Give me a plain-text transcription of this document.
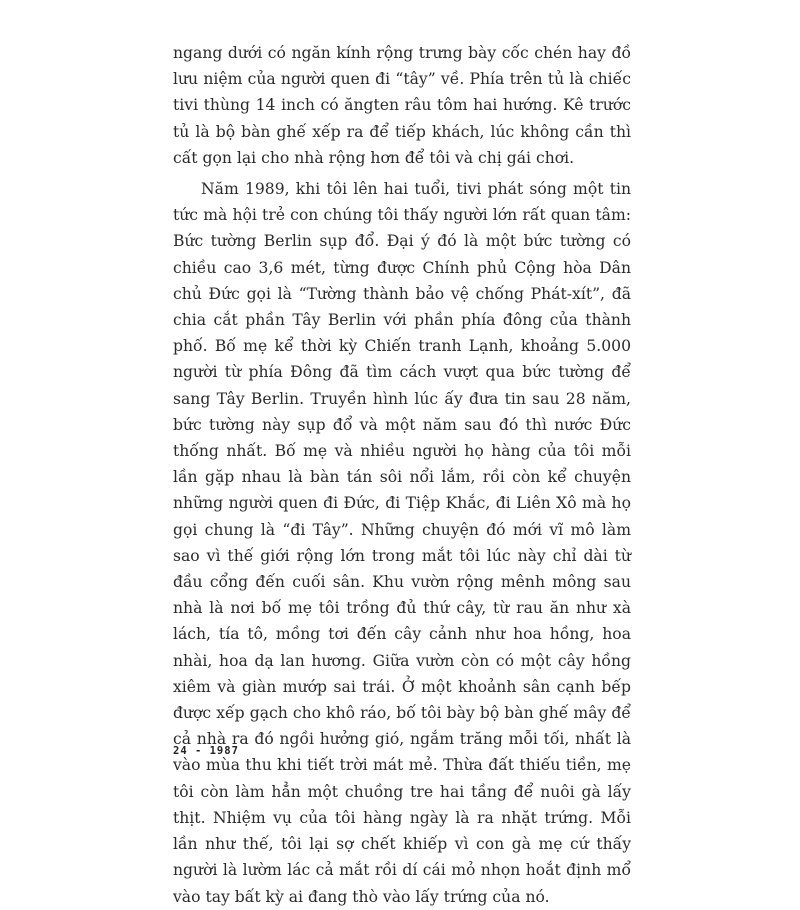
ngang dưới có ngăn kính rộng trưng bày cốc chén hay đồ lưu niệm của người quen đi “tây” về. Phía trên tủ là chiếc tivi thùng 14 inch có ăngten râu tôm hai hướng. Kê trước tủ là bộ bàn ghế xếp ra để tiếp khách, lúc không cần thì cất gọn lại cho nhà rộng hơn để tôi và chị gái chơi.

Năm 1989, khi tôi lên hai tuổi, tivi phát sóng một tin tức mà hội trẻ con chúng tôi thấy người lớn rất quan tâm: Bức tường Berlin sụp đổ. Đại ý đó là một bức tường có chiều cao 3,6 mét, từng được Chính phủ Cộng hòa Dân chủ Đức gọi là “Tường thành bảo vệ chống Phát-xít”, đã chia cắt phần Tây Berlin với phần phía đông của thành phố. Bố mẹ kể thời kỳ Chiến tranh Lạnh, khoảng 5.000 người từ phía Đông đã tìm cách vượt qua bức tường để sang Tây Berlin. Truyền hình lúc ấy đưa tin sau 28 năm, bức tường này sụp đổ và một năm sau đó thì nước Đức thống nhất. Bố mẹ và nhiều người họ hàng của tôi mỗi lần gặp nhau là bàn tán sôi nổi lắm, rồi còn kể chuyện những người quen đi Đức, đi Tiệp Khắc, đi Liên Xô mà họ gọi chung là “đi Tây”. Những chuyện đó mới vĩ mô làm sao vì thế giới rộng lớn trong mắt tôi lúc này chỉ dài từ đầu cổng đến cuối sân. Khu vườn rộng mênh mông sau nhà là nơi bố mẹ tôi trồng đủ thứ cây, từ rau ăn như xà lách, tía tô, mồng tơi đến cây cảnh như hoa hồng, hoa nhài, hoa dạ lan hương. Giữa vườn còn có một cây hồng xiêm và giàn mướp sai trái. Ở một khoảnh sân cạnh bếp được xếp gạch cho khô ráo, bố tôi bày bộ bàn ghế mây để cả nhà ra đó ngồi hưởng gió, ngắm trăng mỗi tối, nhất là vào mùa thu khi tiết trời mát mẻ. Thừa đất thiếu tiền, mẹ tôi còn làm hẳn một chuồng tre hai tầng để nuôi gà lấy thịt. Nhiệm vụ của tôi hàng ngày là ra nhặt trứng. Mỗi lần như thế, tôi lại sợ chết khiếp vì con gà mẹ cứ thấy người là lườm lác cả mắt rồi dí cái mỏ nhọn hoắt định mổ vào tay bất kỳ ai đang thò vào lấy trứng của nó.

24 - 1987
